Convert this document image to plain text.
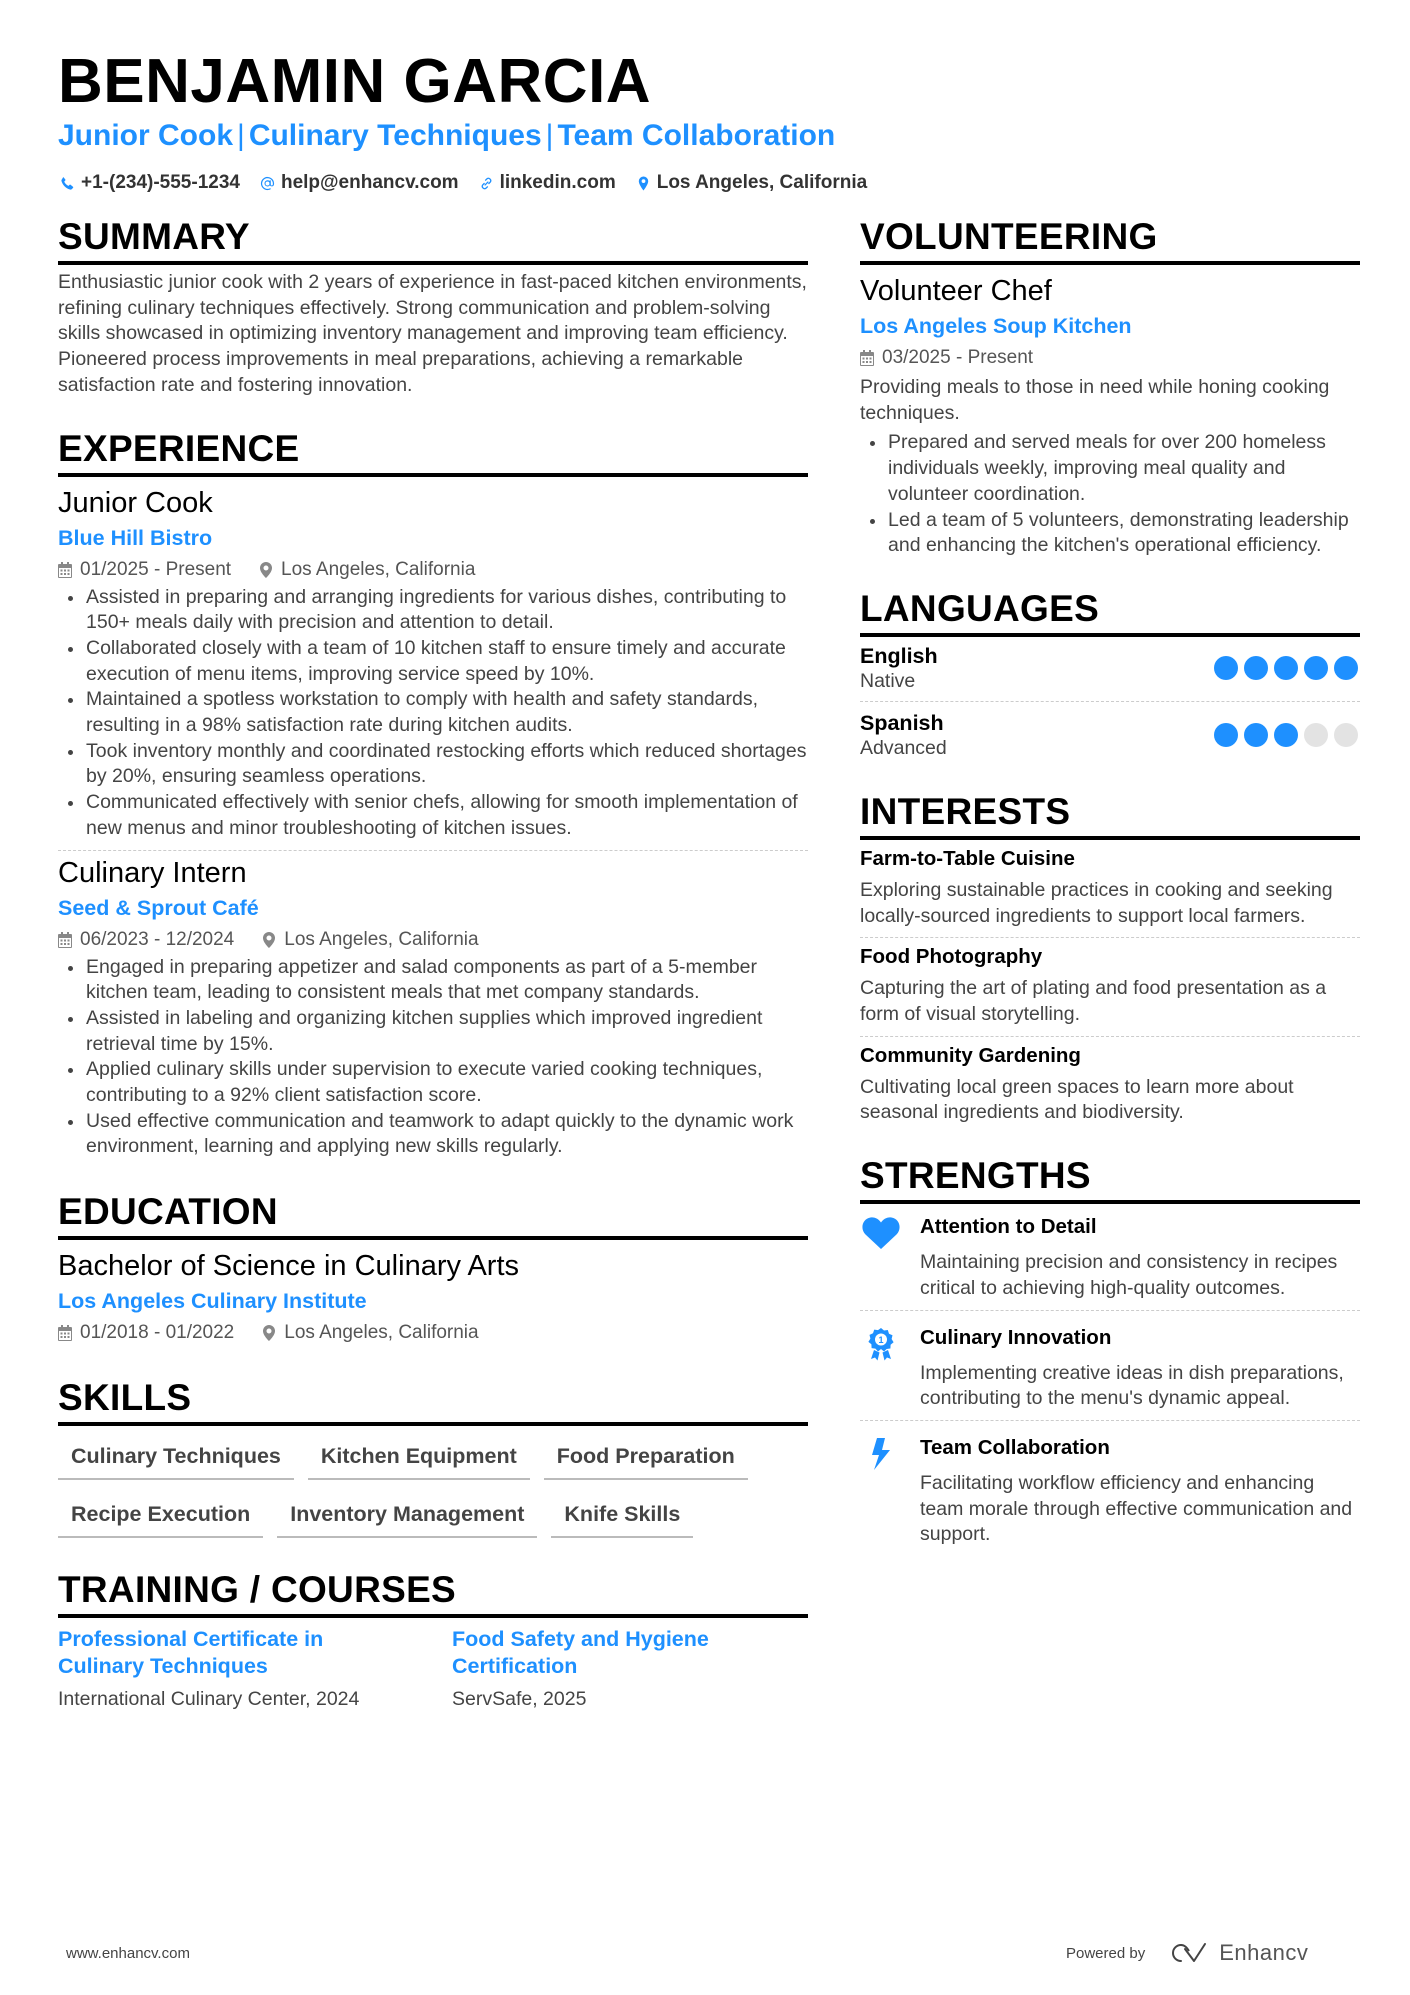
BENJAMIN GARCIA
Junior Cook | Culinary Techniques | Team Collaboration
+1-(234)-555-1234 help@enhancv.com linkedin.com Los Angeles, California
SUMMARY
Enthusiastic junior cook with 2 years of experience in fast-paced kitchen environments, refining culinary techniques effectively. Strong communication and problem-solving skills showcased in optimizing inventory management and improving team efficiency. Pioneered process improvements in meal preparations, achieving a remarkable satisfaction rate and fostering innovation.
EXPERIENCE
Junior Cook
Blue Hill Bistro
01/2025 - Present	Los Angeles, California
Assisted in preparing and arranging ingredients for various dishes, contributing to 150+ meals daily with precision and attention to detail.
Collaborated closely with a team of 10 kitchen staff to ensure timely and accurate execution of menu items, improving service speed by 10%.
Maintained a spotless workstation to comply with health and safety standards, resulting in a 98% satisfaction rate during kitchen audits.
Took inventory monthly and coordinated restocking efforts which reduced shortages by 20%, ensuring seamless operations.
Communicated effectively with senior chefs, allowing for smooth implementation of new menus and minor troubleshooting of kitchen issues.
Culinary Intern
Seed & Sprout Café
06/2023 - 12/2024	Los Angeles, California
Engaged in preparing appetizer and salad components as part of a 5-member kitchen team, leading to consistent meals that met company standards.
Assisted in labeling and organizing kitchen supplies which improved ingredient retrieval time by 15%.
Applied culinary skills under supervision to execute varied cooking techniques, contributing to a 92% client satisfaction score.
Used effective communication and teamwork to adapt quickly to the dynamic work environment, learning and applying new skills regularly.
EDUCATION
Bachelor of Science in Culinary Arts
Los Angeles Culinary Institute
01/2018 - 01/2022	Los Angeles, California
SKILLS
Culinary Techniques	Kitchen Equipment	Food Preparation
Recipe Execution	Inventory Management	Knife Skills
TRAINING / COURSES
Professional Certificate in Culinary Techniques
International Culinary Center, 2024
Food Safety and Hygiene Certification
ServSafe, 2025
VOLUNTEERING
Volunteer Chef
Los Angeles Soup Kitchen
03/2025 - Present
Providing meals to those in need while honing cooking techniques.
Prepared and served meals for over 200 homeless individuals weekly, improving meal quality and volunteer coordination.
Led a team of 5 volunteers, demonstrating leadership and enhancing the kitchen's operational efficiency.
LANGUAGES
English
Native
Spanish
Advanced
INTERESTS
Farm-to-Table Cuisine
Exploring sustainable practices in cooking and seeking locally-sourced ingredients to support local farmers.
Food Photography
Capturing the art of plating and food presentation as a form of visual storytelling.
Community Gardening
Cultivating local green spaces to learn more about seasonal ingredients and biodiversity.
STRENGTHS
Attention to Detail
Maintaining precision and consistency in recipes critical to achieving high-quality outcomes.
1 Culinary Innovation
Implementing creative ideas in dish preparations, contributing to the menu's dynamic appeal.
Team Collaboration
Facilitating workflow efficiency and enhancing team morale through effective communication and support.
www.enhancv.com	Powered by	Enhancv
